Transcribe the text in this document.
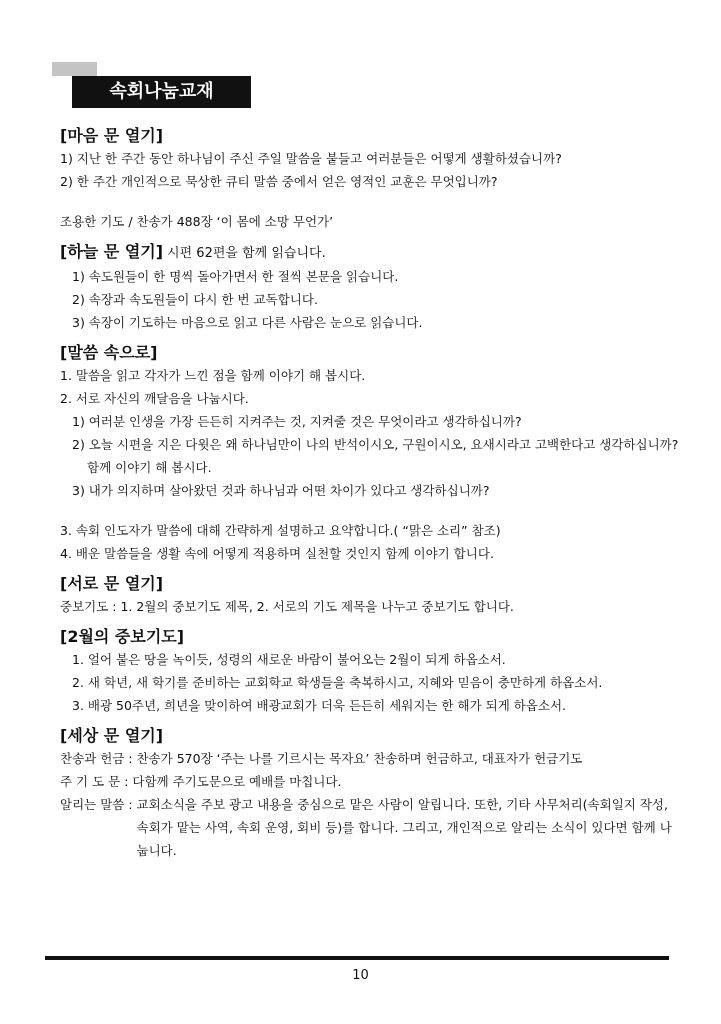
속회나눔교재

[마음 문 열기]

1) 지난 한 주간 동안 하나님이 주신 주일 말씀을 붙들고 여러분들은 어떻게 생활하셨습니까?

2) 한 주간 개인적으로 묵상한 큐티 말씀 중에서 얻은 영적인 교훈은 무엇입니까?

조용한 기도 / 찬송가 488장 ‘이 몸에 소망 무언가’

[하늘 문 열기] 시편 62편을 함께 읽습니다.

1) 속도원들이 한 명씩 돌아가면서 한 절씩 본문을 읽습니다.

2) 속장과 속도원들이 다시 한 번 교독합니다.

3) 속장이 기도하는 마음으로 읽고 다른 사람은 눈으로 읽습니다.

[말씀 속으로]

1. 말씀을 읽고 각자가 느낀 점을 함께 이야기 해 봅시다.

2. 서로 자신의 깨달음을 나눕시다.

1) 여러분 인생을 가장 든든히 지켜주는 것, 지켜줄 것은 무엇이라고 생각하십니까?

2) 오늘 시편을 지은 다윗은 왜 하나님만이 나의 반석이시오, 구원이시오, 요새시라고 고백한다고 생각하십니까? 함께 이야기 해 봅시다.

3) 내가 의지하며 살아왔던 것과 하나님과 어떤 차이가 있다고 생각하십니까?

3. 속회 인도자가 말씀에 대해 간략하게 설명하고 요약합니다.( “맑은 소리” 참조)

4. 배운 말씀들을 생활 속에 어떻게 적용하며 실천할 것인지 함께 이야기 합니다.

[서로 문 열기]

중보기도 : 1. 2월의 중보기도 제목, 2. 서로의 기도 제목을 나누고 중보기도 합니다.

[2월의 중보기도]

1. 얼어 붙은 땅을 녹이듯, 성령의 새로운 바람이 불어오는 2월이 되게 하옵소서.

2. 새 학년, 새 학기를 준비하는 교회학교 학생들을 축복하시고, 지혜와 믿음이 충만하게 하옵소서.

3. 배광 50주년, 희년을 맞이하여 배광교회가 더욱 든든히 세워지는 한 해가 되게 하옵소서.

[세상 문 열기]

찬송과 헌금 : 찬송가 570장 ‘주는 나를 기르시는 목자요’ 찬송하며 헌금하고, 대표자가 헌금기도
주 기 도 문 : 다함께 주기도문으로 예배를 마칩니다.
알리는 말씀 : 교회소식을 주보 광고 내용을 중심으로 맡은 사람이 알립니다. 또한, 기타 사무처리(속회일지 작성, 속회가 맡는 사역, 속회 운영, 회비 등)를 합니다. 그리고, 개인적으로 알리는 소식이 있다면 함께 나눕니다.
10
